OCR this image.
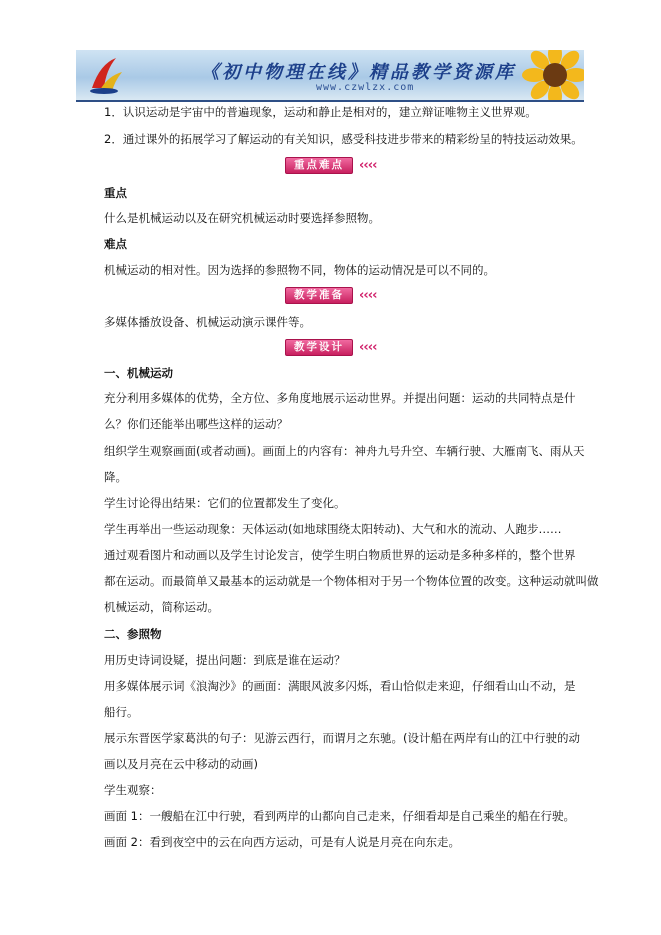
《初中物理在线》精品教学资源库
www.czwlzx.com
1．认识运动是宇宙中的普遍现象，运动和静止是相对的，建立辩证唯物主义世界观。
2．通过课外的拓展学习了解运动的有关知识，感受科技进步带来的精彩纷呈的特技运动效果。
重点难点	‹‹‹‹
重点
什么是机械运动以及在研究机械运动时要选择参照物。
难点
机械运动的相对性。因为选择的参照物不同，物体的运动情况是可以不同的。
教学准备	‹‹‹‹
多媒体播放设备、机械运动演示课件等。
教学设计	‹‹‹‹
一、机械运动
充分利用多媒体的优势，全方位、多角度地展示运动世界。并提出问题：运动的共同特点是什
么？你们还能举出哪些这样的运动？
组织学生观察画面(或者动画)。画面上的内容有：神舟九号升空、车辆行驶、大雁南飞、雨从天
降。
学生讨论得出结果：它们的位置都发生了变化。
学生再举出一些运动现象：天体运动(如地球围绕太阳转动)、大气和水的流动、人跑步……
通过观看图片和动画以及学生讨论发言，使学生明白物质世界的运动是多种多样的，整个世界
都在运动。而最简单又最基本的运动就是一个物体相对于另一个物体位置的改变。这种运动就叫做
机械运动，简称运动。
二、参照物
用历史诗词设疑，提出问题：到底是谁在运动？
用多媒体展示词《浪淘沙》的画面：满眼风波多闪烁，看山恰似走来迎，仔细看山山不动，是
船行。
展示东晋医学家葛洪的句子：见游云西行，而谓月之东驰。(设计船在两岸有山的江中行驶的动
画以及月亮在云中移动的动画)
学生观察：
画面 1：一艘船在江中行驶，看到两岸的山都向自己走来，仔细看却是自己乘坐的船在行驶。
画面 2：看到夜空中的云在向西方运动，可是有人说是月亮在向东走。
